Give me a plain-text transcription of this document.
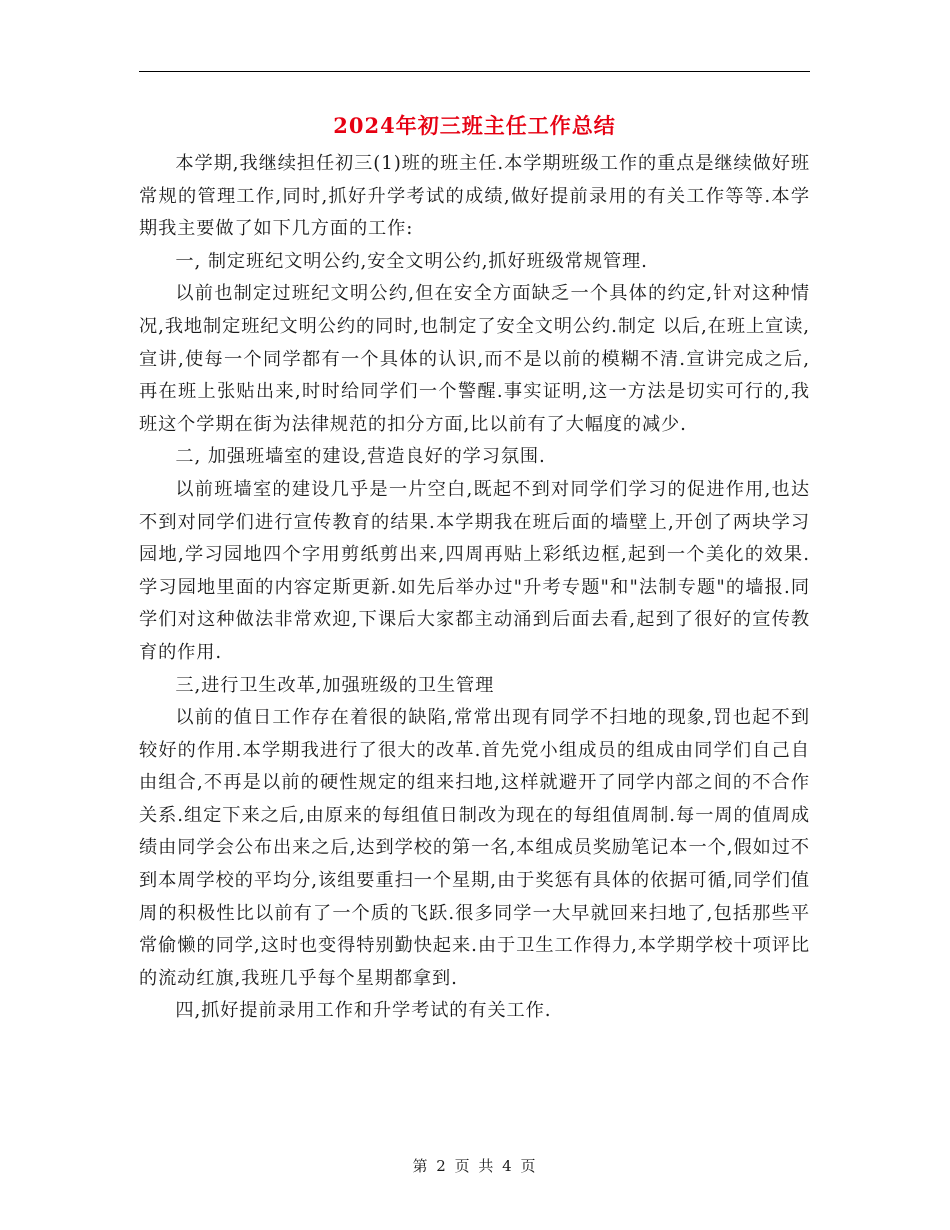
2024年初三班主任工作总结

本学期,我继续担任初三(1)班的班主任.本学期班级工作的重点是继续做好班常规的管理工作,同时,抓好升学考试的成绩,做好提前录用的有关工作等等.本学期我主要做了如下几方面的工作:

一, 制定班纪文明公约,安全文明公约,抓好班级常规管理.

以前也制定过班纪文明公约,但在安全方面缺乏一个具体的约定,针对这种情况,我地制定班纪文明公约的同时,也制定了安全文明公约.制定 以后,在班上宣读,宣讲,使每一个同学都有一个具体的认识,而不是以前的模糊不清.宣讲完成之后,再在班上张贴出来,时时给同学们一个警醒.事实证明,这一方法是切实可行的,我班这个学期在街为法律规范的扣分方面,比以前有了大幅度的减少.

二, 加强班墙室的建设,营造良好的学习氛围.

以前班墙室的建设几乎是一片空白,既起不到对同学们学习的促进作用,也达不到对同学们进行宣传教育的结果.本学期我在班后面的墙壁上,开创了两块学习园地,学习园地四个字用剪纸剪出来,四周再贴上彩纸边框,起到一个美化的效果.学习园地里面的内容定斯更新.如先后举办过"升考专题"和"法制专题"的墙报.同学们对这种做法非常欢迎,下课后大家都主动涌到后面去看,起到了很好的宣传教育的作用.

三,进行卫生改革,加强班级的卫生管理

以前的值日工作存在着很的缺陷,常常出现有同学不扫地的现象,罚也起不到较好的作用.本学期我进行了很大的改革.首先党小组成员的组成由同学们自己自由组合,不再是以前的硬性规定的组来扫地,这样就避开了同学内部之间的不合作关系.组定下来之后,由原来的每组值日制改为现在的每组值周制.每一周的值周成绩由同学会公布出来之后,达到学校的第一名,本组成员奖励笔记本一个,假如过不到本周学校的平均分,该组要重扫一个星期,由于奖惩有具体的依据可循,同学们值周的积极性比以前有了一个质的飞跃.很多同学一大早就回来扫地了,包括那些平常偷懒的同学,这时也变得特别勤快起来.由于卫生工作得力,本学期学校十项评比的流动红旗,我班几乎每个星期都拿到.

四,抓好提前录用工作和升学考试的有关工作.

第 2 页 共 4 页
